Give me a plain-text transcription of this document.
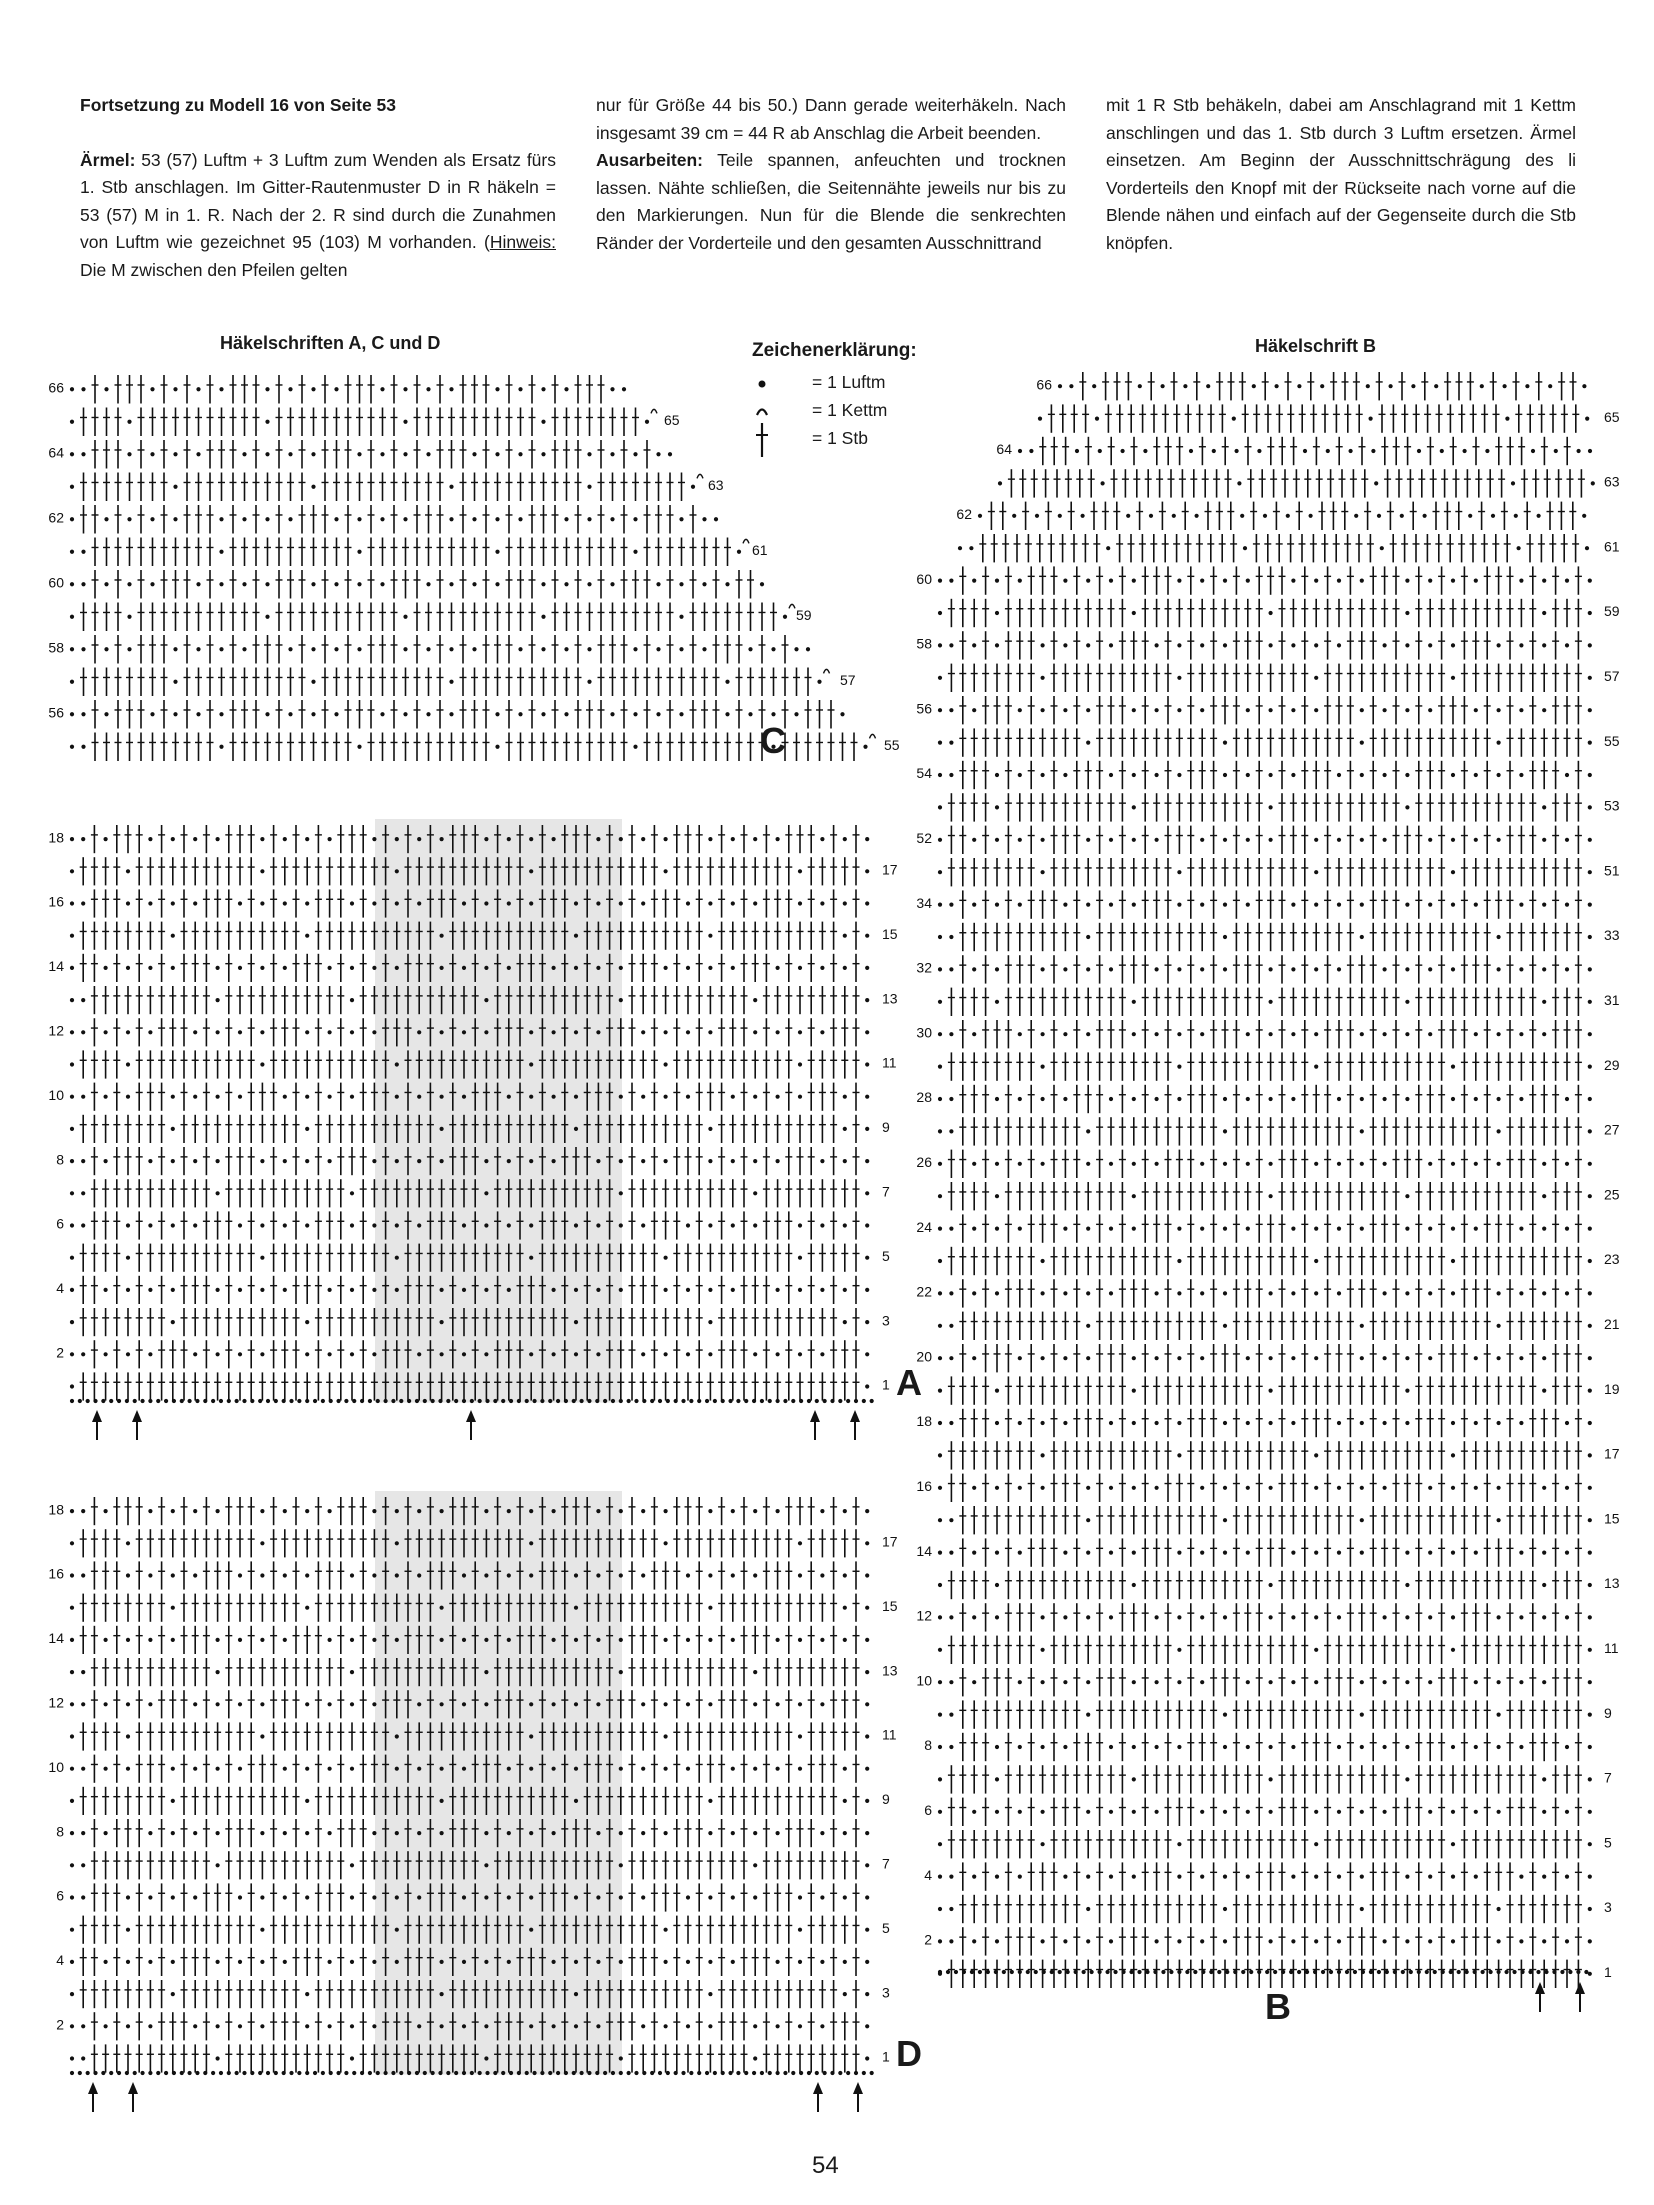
Fortsetzung zu Modell 16 von Seite 53

Ärmel: 53 (57) Luftm + 3 Luftm zum Wenden als Ersatz fürs 1. Stb anschlagen. Im Gitter-Rautenmuster D in R häkeln = 53 (57) M in 1. R. Nach der 2. R sind durch die Zunahmen von Luftm wie gezeichnet 95 (103) M vorhanden. (Hinweis: Die M zwischen den Pfeilen gelten

nur für Größe 44 bis 50.) Dann gerade weiterhäkeln. Nach insgesamt 39 cm = 44 R ab Anschlag die Arbeit beenden.

Ausarbeiten: Teile spannen, anfeuchten und trocknen lassen. Nähte schließen, die Seitennähte jeweils nur bis zu den Markierungen. Nun für die Blende die senkrechten Ränder der Vorderteile und den gesamten Ausschnittrand

mit 1 R Stb behäkeln, dabei am Anschlagrand mit 1 Kettm anschlingen und das 1. Stb durch 3 Luftm ersetzen. Ärmel einsetzen. Am Beginn der Ausschnittschrägung des li Vorderteils den Knopf mit der Rückseite nach vorne auf die Blende nähen und einfach auf der Gegenseite durch die Stb knöpfen.

Häkelschriften A, C und D	Häkelschrift B
Zeichenerklärung:
= 1 Luftm
= 1 Kettm
= 1 Stb
66
65
64
63
62
61
60
59
58
57
56
55
18
17
16
15
14
13
12
11
10
9
8
7
6
5
4
3
2
1
18
17
16
15
14
13
12
11
10
9
8
7
6
5
4
3
2
1
66
65
64
63
62
61
60
59
58
57
56
55
54
53
52
51
34
33
32
31
30
29
28
27
26
25
24
23
22
21
20
19
18
17
16
15
14
13
12
11
10
9
8
7
6
5
4
3
2
1
C
A
D
B
54
